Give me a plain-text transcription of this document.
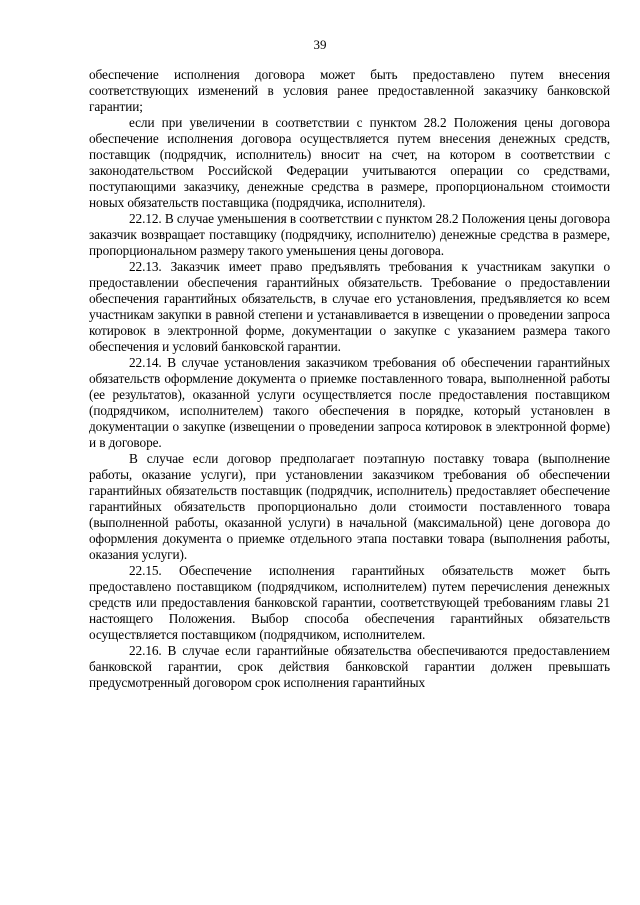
39

обеспечение исполнения договора может быть предоставлено путем внесения соответствующих изменений в условия ранее предоставленной заказчику банковской гарантии;

если при увеличении в соответствии с пунктом 28.2 Положения цены договора обеспечение исполнения договора осуществляется путем внесения денежных средств, поставщик (подрядчик, исполнитель) вносит на счет, на котором в соответствии с законодательством Российской Федерации учитываются операции со средствами, поступающими заказчику, денежные средства в размере, пропорциональном стоимости новых обязательств поставщика (подрядчика, исполнителя).

22.12. В случае уменьшения в соответствии с пунктом 28.2 Положения цены договора заказчик возвращает поставщику (подрядчику, исполнителю) денежные средства в размере, пропорциональном размеру такого уменьшения цены договора.

22.13. Заказчик имеет право предъявлять требования к участникам закупки о предоставлении обеспечения гарантийных обязательств. Требование о предоставлении обеспечения гарантийных обязательств, в случае его установления, предъявляется ко всем участникам закупки в равной степени и устанавливается в извещении о проведении запроса котировок в электронной форме, документации о закупке с указанием размера такого обеспечения и условий банковской гарантии.

22.14. В случае установления заказчиком требования об обеспечении гарантийных обязательств оформление документа о приемке поставленного товара, выполненной работы (ее результатов), оказанной услуги осуществляется после предоставления поставщиком (подрядчиком, исполнителем) такого обеспечения в порядке, который установлен в документации о закупке (извещении о проведении запроса котировок в электронной форме) и в договоре.

В случае если договор предполагает поэтапную поставку товара (выполнение работы, оказание услуги), при установлении заказчиком требования об обеспечении гарантийных обязательств поставщик (подрядчик, исполнитель) предоставляет обеспечение гарантийных обязательств пропорционально доли стоимости поставленного товара (выполненной работы, оказанной услуги) в начальной (максимальной) цене договора до оформления документа о приемке отдельного этапа поставки товара (выполнения работы, оказания услуги).

22.15. Обеспечение исполнения гарантийных обязательств может быть предоставлено поставщиком (подрядчиком, исполнителем) путем перечисления денежных средств или предоставления банковской гарантии, соответствующей требованиям главы 21 настоящего Положения. Выбор способа обеспечения гарантийных обязательств осуществляется поставщиком (подрядчиком, исполнителем.

22.16. В случае если гарантийные обязательства обеспечиваются предоставлением банковской гарантии, срок действия банковской гарантии должен превышать предусмотренный договором срок исполнения гарантийных
